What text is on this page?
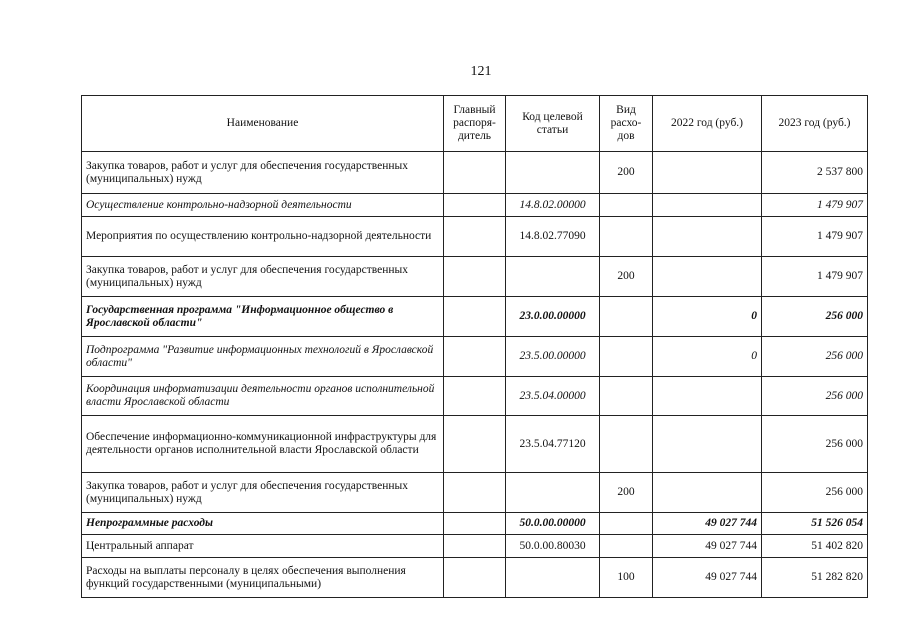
121
Наименование	Главный распоря-дитель	Код целевой статьи	Вид расхо-дов	2022 год (руб.)	2023 год (руб.)
Закупка товаров, работ и услуг для обеспечения государственных (муниципальных) нужд			200		2 537 800
Осуществление контрольно-надзорной деятельности		14.8.02.00000			1 479 907
Мероприятия по осуществлению контрольно-надзорной деятельности		14.8.02.77090			1 479 907
Закупка товаров, работ и услуг для обеспечения государственных (муниципальных) нужд			200		1 479 907
Государственная программа "Информационное общество в Ярославской области"		23.0.00.00000		0	256 000
Подпрограмма "Развитие информационных технологий в Ярославской области"		23.5.00.00000		0	256 000
Координация информатизации деятельности органов исполнительной власти Ярославской области		23.5.04.00000			256 000
Обеспечение информационно-коммуникационной инфраструктуры для деятельности органов исполнительной власти Ярославской области		23.5.04.77120			256 000
Закупка товаров, работ и услуг для обеспечения государственных (муниципальных) нужд			200		256 000
Непрограммные расходы		50.0.00.00000		49 027 744	51 526 054
Центральный аппарат		50.0.00.80030		49 027 744	51 402 820
Расходы на выплаты персоналу в целях обеспечения выполнения функций государственными (муниципальными)			100	49 027 744	51 282 820
